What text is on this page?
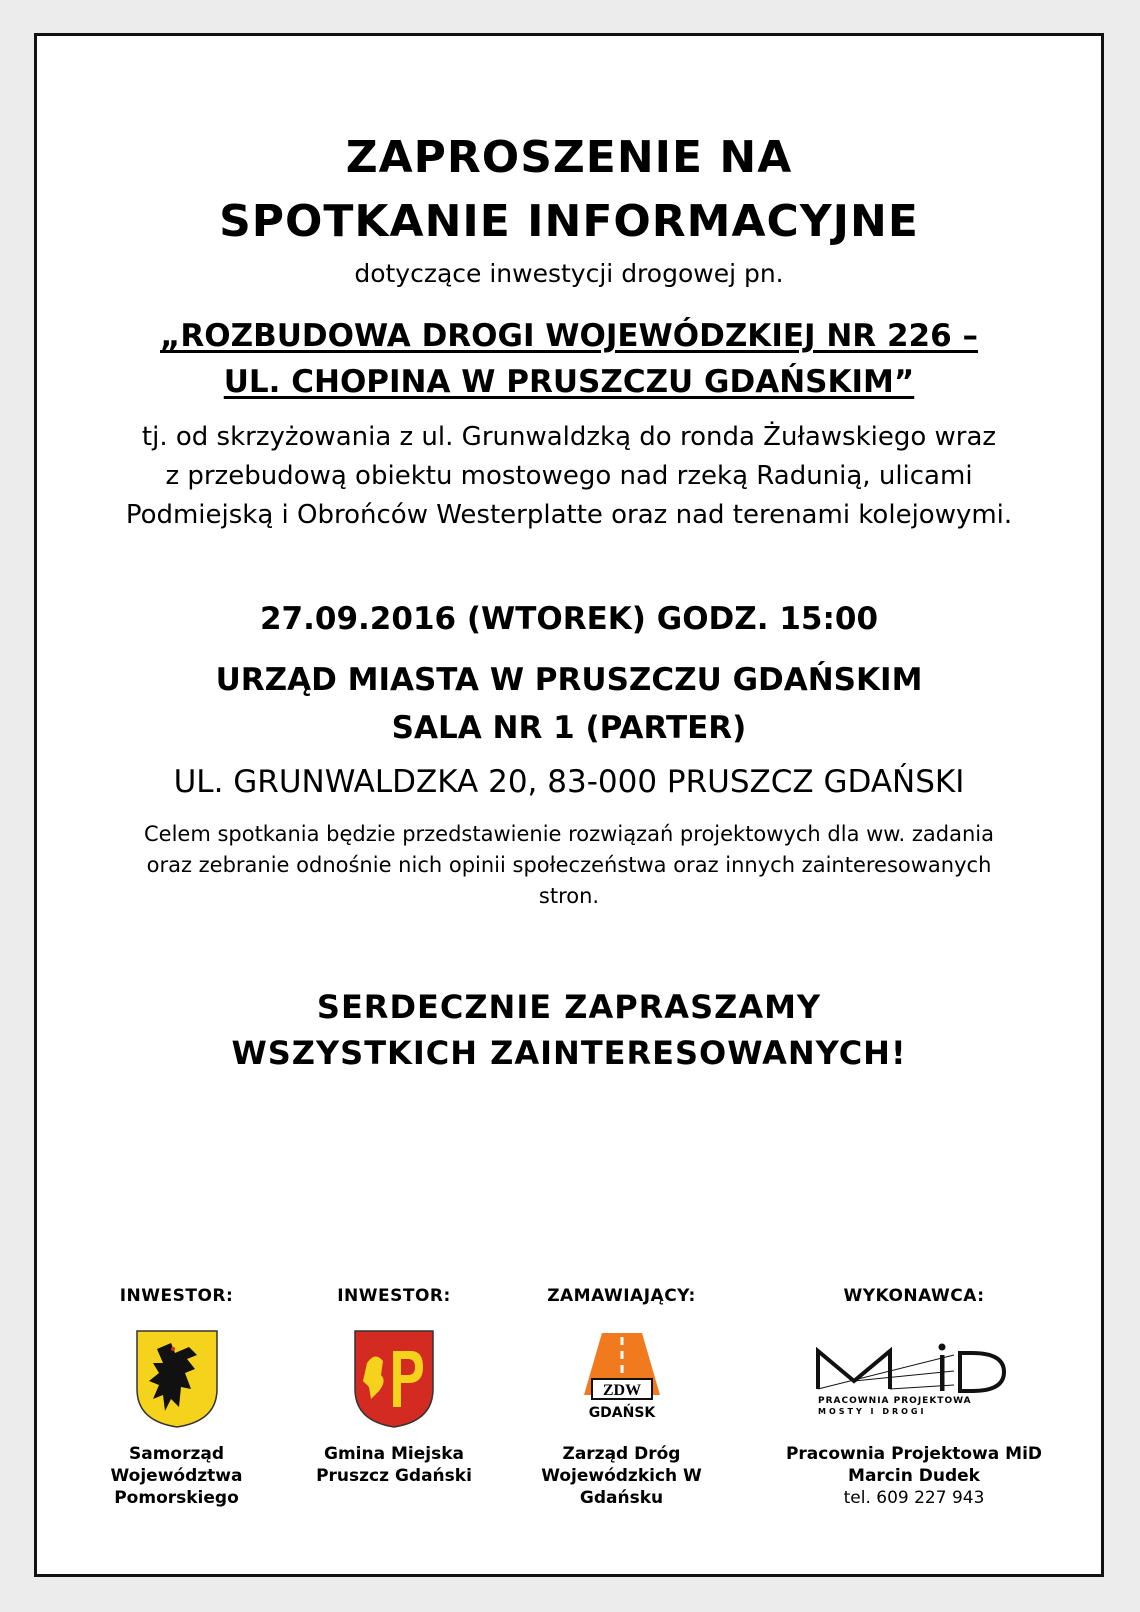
ZAPROSZENIE NA
SPOTKANIE INFORMACYJNE
dotyczące inwestycji drogowej pn.
„ROZBUDOWA DROGI WOJEWÓDZKIEJ NR 226 –
UL. CHOPINA W PRUSZCZU GDAŃSKIM”
tj. od skrzyżowania z ul. Grunwaldzką do ronda Żuławskiego wraz
z przebudową obiektu mostowego nad rzeką Radunią, ulicami
Podmiejską i Obrońców Westerplatte oraz nad terenami kolejowymi.
27.09.2016 (WTOREK) GODZ. 15:00
URZĄD MIASTA W PRUSZCZU GDAŃSKIM
SALA NR 1 (PARTER)
UL. GRUNWALDZKA 20, 83-000 PRUSZCZ GDAŃSKI
Celem spotkania będzie przedstawienie rozwiązań projektowych dla ww. zadania
oraz zebranie odnośnie nich opinii społeczeństwa oraz innych zainteresowanych
stron.
SERDECZNIE ZAPRASZAMY
WSZYSTKICH ZAINTERESOWANYCH!
INWESTOR:
Samorząd
Województwa
Pomorskiego
INWESTOR:
Gmina Miejska
Pruszcz Gdański
ZAMAWIAJĄCY:
ZDW
GDAŃSK
Zarząd Dróg
Wojewódzkich W
Gdańsku
WYKONAWCA:
PRACOWNIA PROJEKTOWA
MOSTY I DROGI
Pracownia Projektowa MiD
Marcin Dudek
tel. 609 227 943
